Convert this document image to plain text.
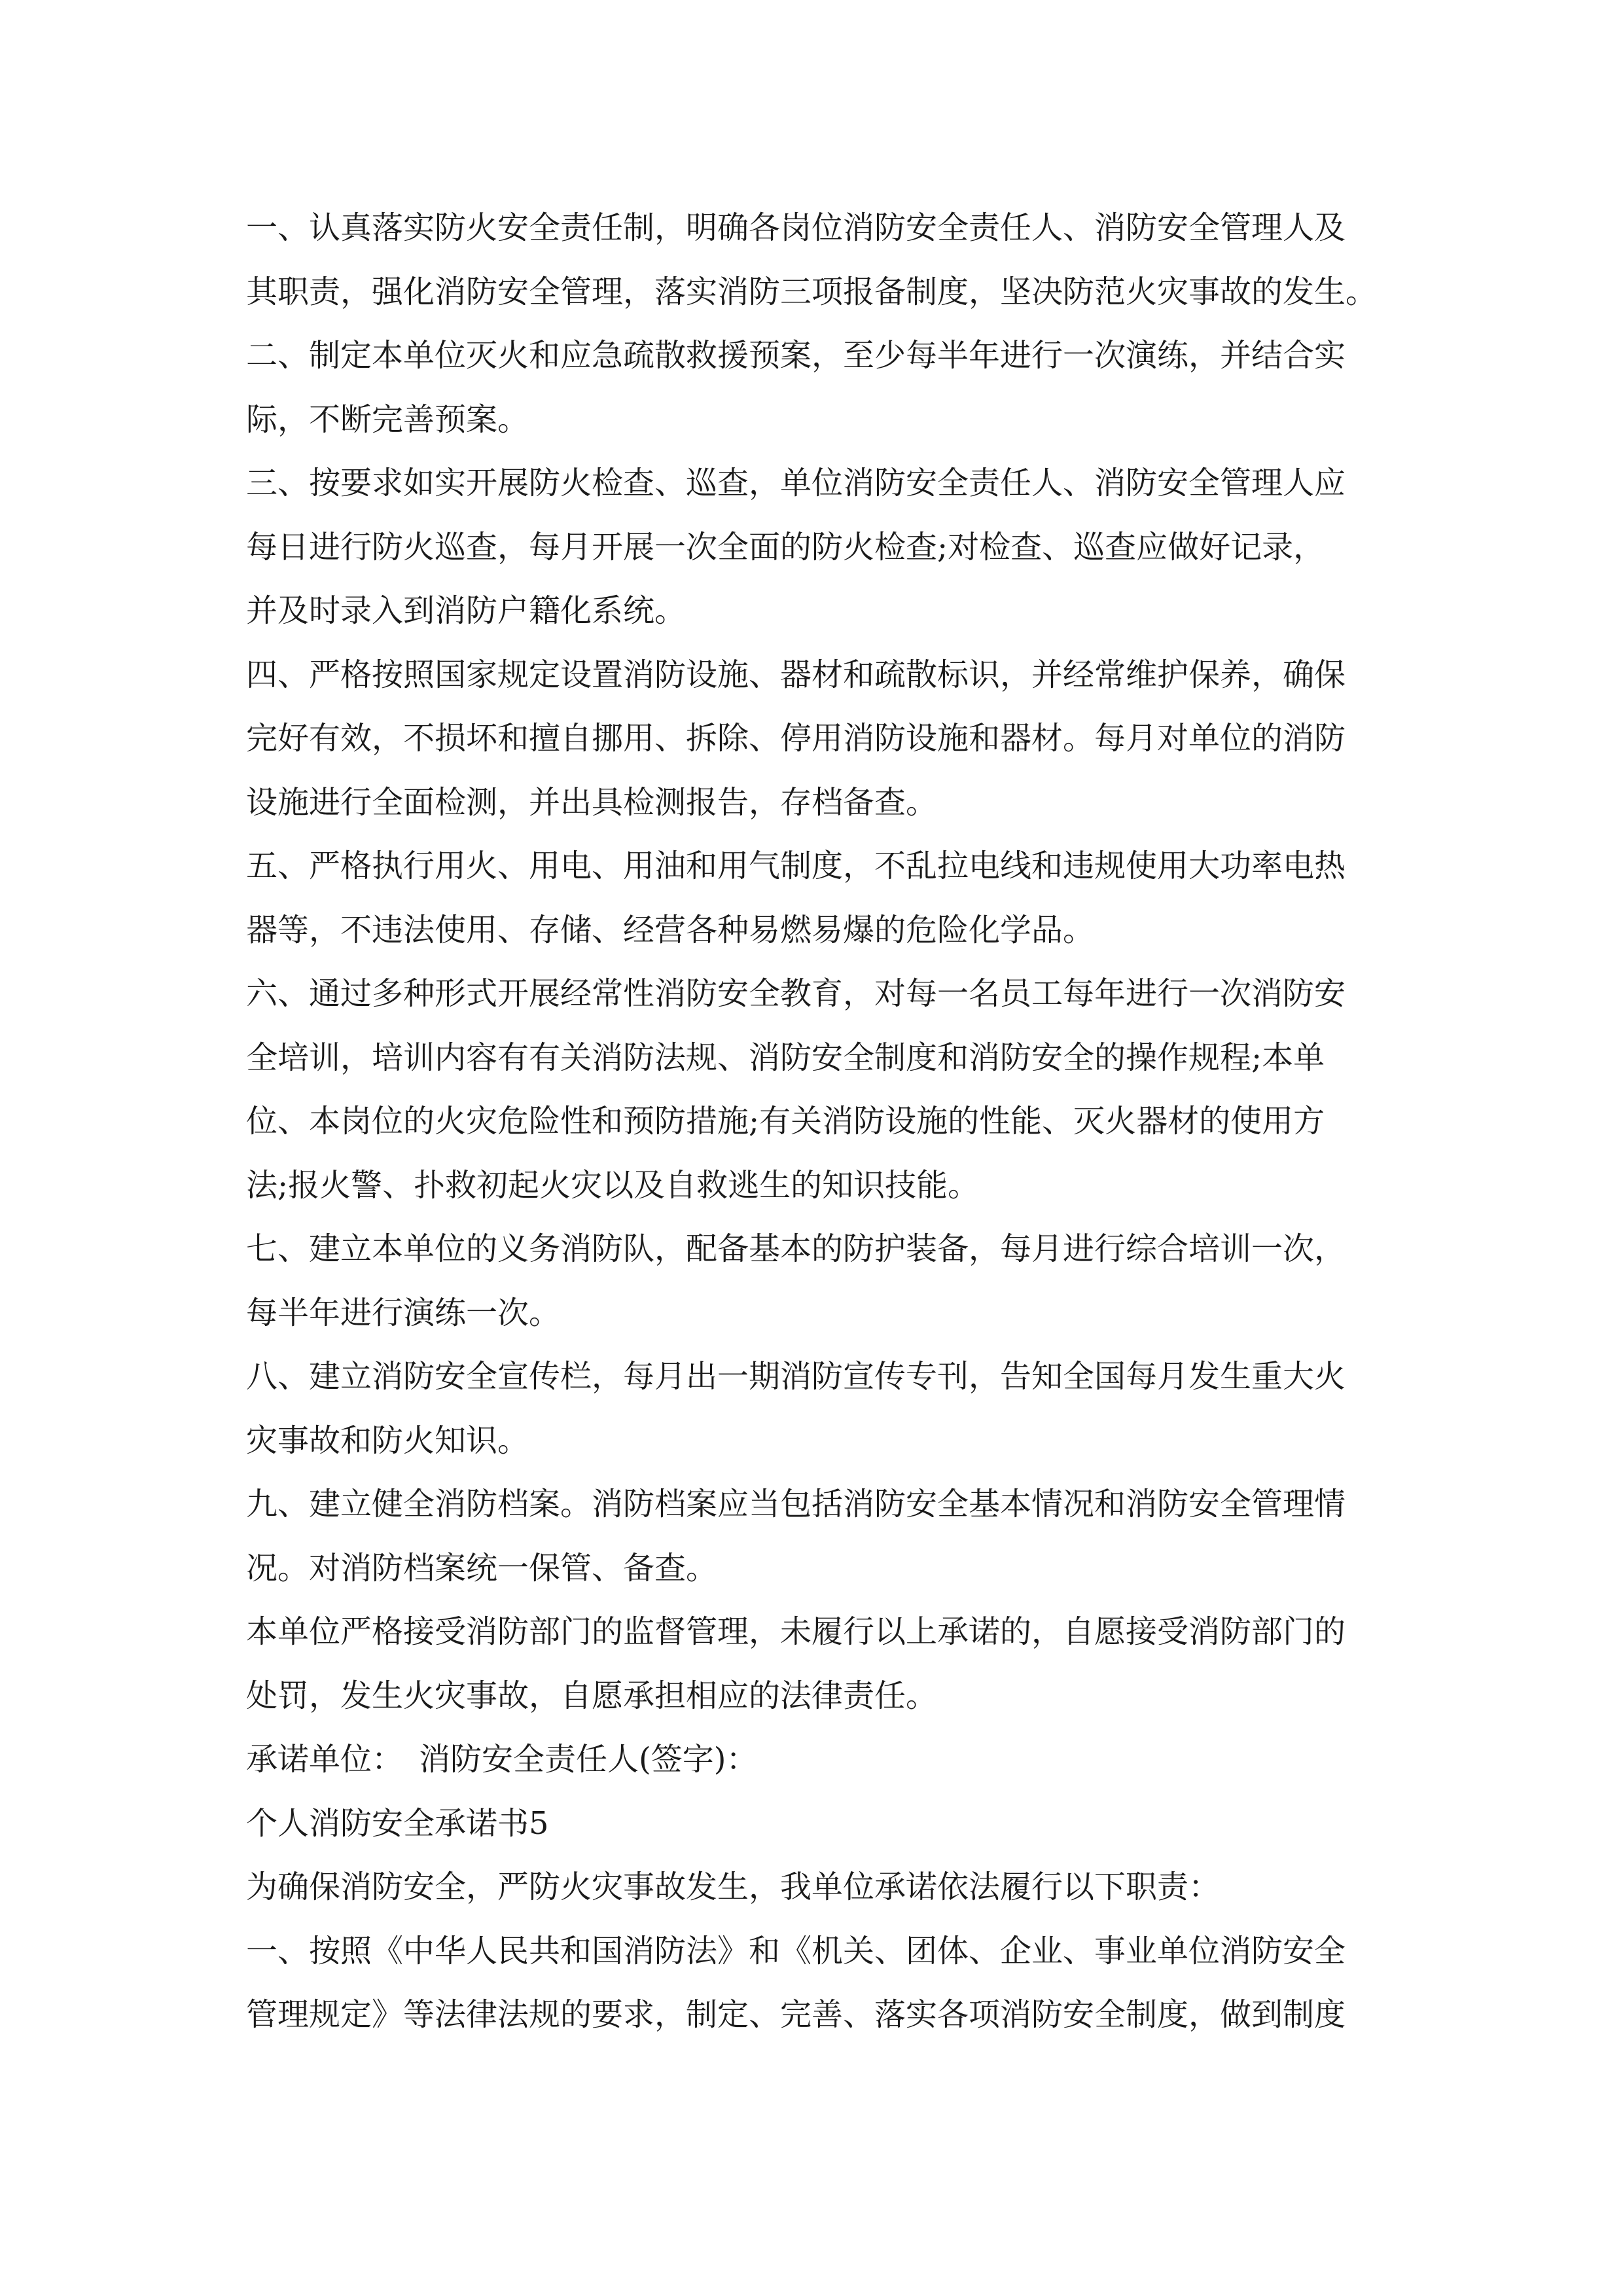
一、认真落实防火安全责任制，明确各岗位消防安全责任人、消防安全管理人及
其职责，强化消防安全管理，落实消防三项报备制度，坚决防范火灾事故的发生。
二、制定本单位灭火和应急疏散救援预案，至少每半年进行一次演练，并结合实
际，不断完善预案。
三、按要求如实开展防火检查、巡查，单位消防安全责任人、消防安全管理人应
每日进行防火巡查，每月开展一次全面的防火检查;对检查、巡查应做好记录，
并及时录入到消防户籍化系统。
四、严格按照国家规定设置消防设施、器材和疏散标识，并经常维护保养，确保
完好有效，不损坏和擅自挪用、拆除、停用消防设施和器材。每月对单位的消防
设施进行全面检测，并出具检测报告，存档备查。
五、严格执行用火、用电、用油和用气制度，不乱拉电线和违规使用大功率电热
器等，不违法使用、存储、经营各种易燃易爆的危险化学品。
六、通过多种形式开展经常性消防安全教育，对每一名员工每年进行一次消防安
全培训，培训内容有有关消防法规、消防安全制度和消防安全的操作规程;本单
位、本岗位的火灾危险性和预防措施;有关消防设施的性能、灭火器材的使用方
法;报火警、扑救初起火灾以及自救逃生的知识技能。
七、建立本单位的义务消防队，配备基本的防护装备，每月进行综合培训一次，
每半年进行演练一次。
八、建立消防安全宣传栏，每月出一期消防宣传专刊，告知全国每月发生重大火
灾事故和防火知识。
九、建立健全消防档案。消防档案应当包括消防安全基本情况和消防安全管理情
况。对消防档案统一保管、备查。
本单位严格接受消防部门的监督管理，未履行以上承诺的，自愿接受消防部门的
处罚，发生火灾事故，自愿承担相应的法律责任。
承诺单位：　消防安全责任人(签字)：
个人消防安全承诺书5
为确保消防安全，严防火灾事故发生，我单位承诺依法履行以下职责：
一、按照《中华人民共和国消防法》和《机关、团体、企业、事业单位消防安全
管理规定》等法律法规的要求，制定、完善、落实各项消防安全制度，做到制度
